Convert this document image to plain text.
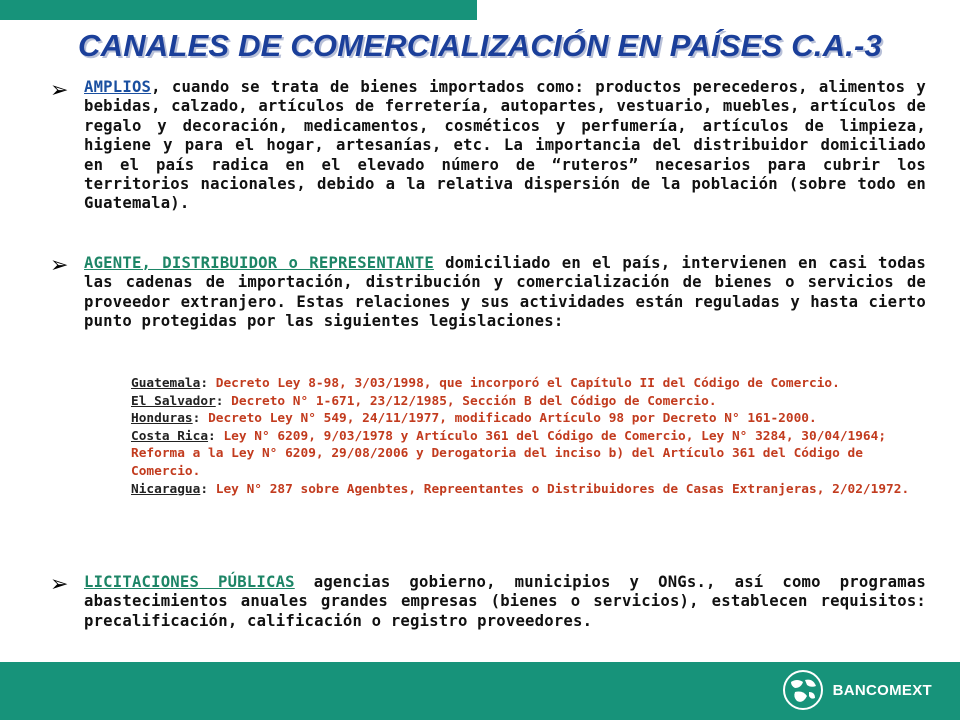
CANALES DE COMERCIALIZACIÓN EN PAÍSES C.A.-3
➢ AMPLIOS, cuando se trata de bienes importados como: productos perecederos, alimentos y bebidas, calzado, artículos de ferretería, autopartes, vestuario, muebles, artículos de regalo y decoración, medicamentos, cosméticos y perfumería, artículos de limpieza, higiene y para el hogar, artesanías, etc. La importancia del distribuidor domiciliado en el país radica en el elevado número de “ruteros” necesarios para cubrir los territorios nacionales, debido a la relativa dispersión de la población (sobre todo en Guatemala).

➢ AGENTE, DISTRIBUIDOR o REPRESENTANTE domiciliado en el país, intervienen en casi todas las cadenas de importación, distribución y comercialización de bienes o servicios de proveedor extranjero. Estas relaciones y sus actividades están reguladas y hasta cierto punto protegidas por las siguientes legislaciones:

Guatemala: Decreto Ley 8-98, 3/03/1998, que incorporó el Capítulo II del Código de Comercio.

El Salvador: Decreto N° 1-671, 23/12/1985, Sección B del Código de Comercio.

Honduras: Decreto Ley N° 549, 24/11/1977, modificado Artículo 98 por Decreto N° 161-2000.

Costa Rica: Ley N° 6209, 9/03/1978 y Artículo 361 del Código de Comercio, Ley N° 3284, 30/04/1964; Reforma a la Ley N° 6209, 29/08/2006 y Derogatoria del inciso b) del Artículo 361 del Código de Comercio.

Nicaragua: Ley N° 287 sobre Agenbtes, Repreentantes o Distribuidores de Casas Extranjeras, 2/02/1972.

➢ LICITACIONES PÚBLICAS agencias gobierno, municipios y ONGs., así como programas abastecimientos anuales grandes empresas (bienes o servicios), establecen requisitos: precalificación, calificación o registro proveedores.

BANCOMEXT
